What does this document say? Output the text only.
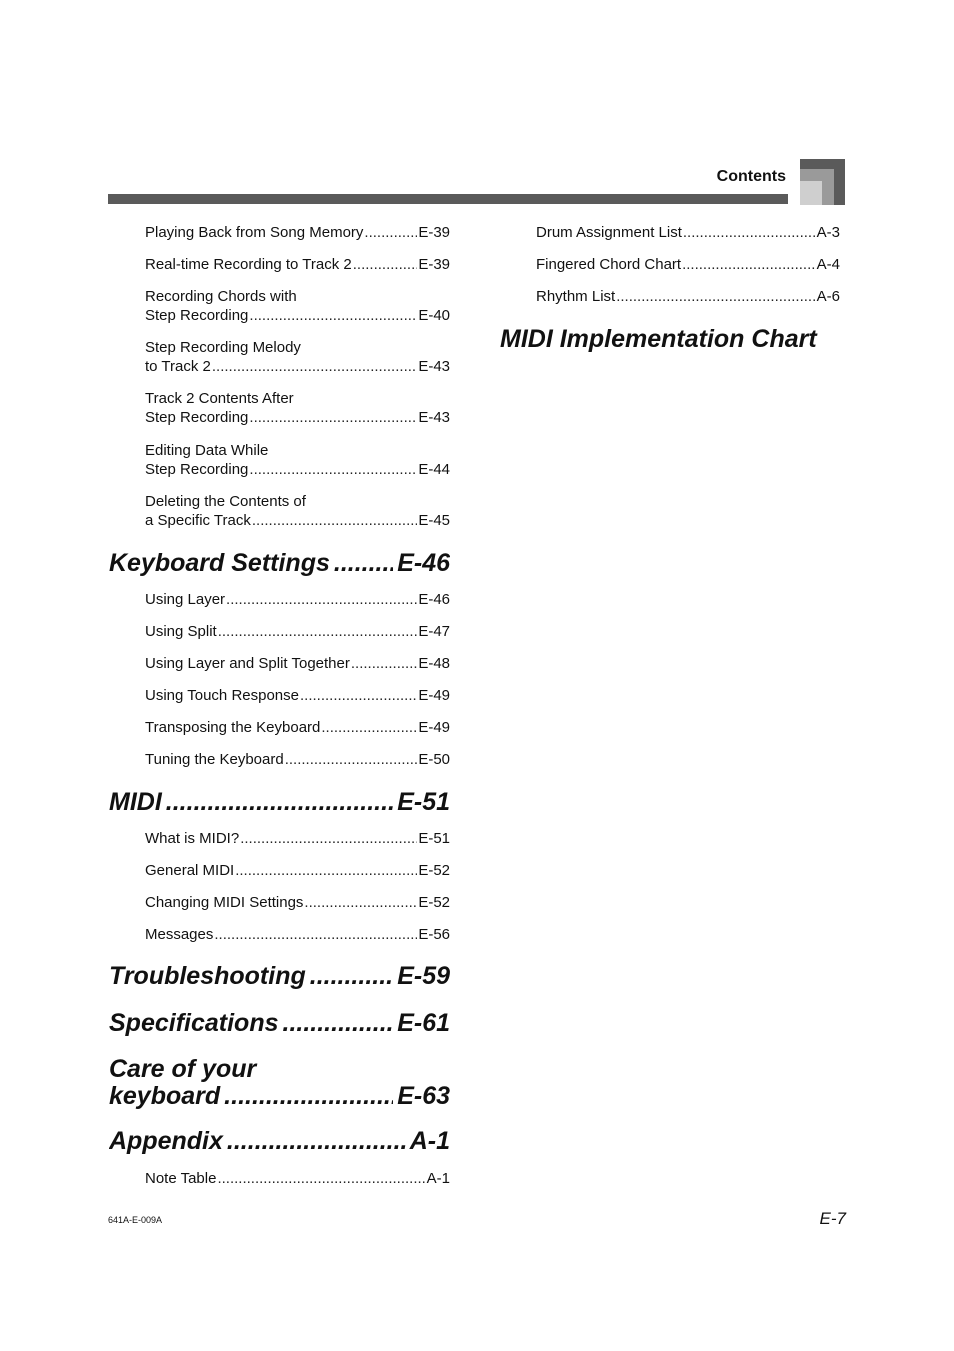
Contents
Playing Back from Song Memory .....	E-39
Real-time Recording to Track 2 .....	E-39
Recording Chords with
Step Recording .....	E-40
Step Recording Melody
to Track 2 .....	E-43
Track 2 Contents After
Step Recording .....	E-43
Editing Data While
Step Recording .....	E-44
Deleting the Contents of
a Specific Track .....	E-45
Keyboard Settings .....	E-46
Using Layer .....	E-46
Using Split .....	E-47
Using Layer and Split Together .....	E-48
Using Touch Response .....	E-49
Transposing the Keyboard .....	E-49
Tuning the Keyboard .....	E-50
MIDI .....	E-51
What is MIDI? .....	E-51
General MIDI .....	E-52
Changing MIDI Settings .....	E-52
Messages .....	E-56
Troubleshooting .....	E-59
Specifications .....	E-61
Care of your
keyboard .....	E-63
Appendix .....	A-1
Note Table .....	A-1
Drum Assignment List .....	A-3
Fingered Chord Chart .....	A-4
Rhythm List .....	A-6
MIDI Implementation Chart
641A-E-009A	E-7
